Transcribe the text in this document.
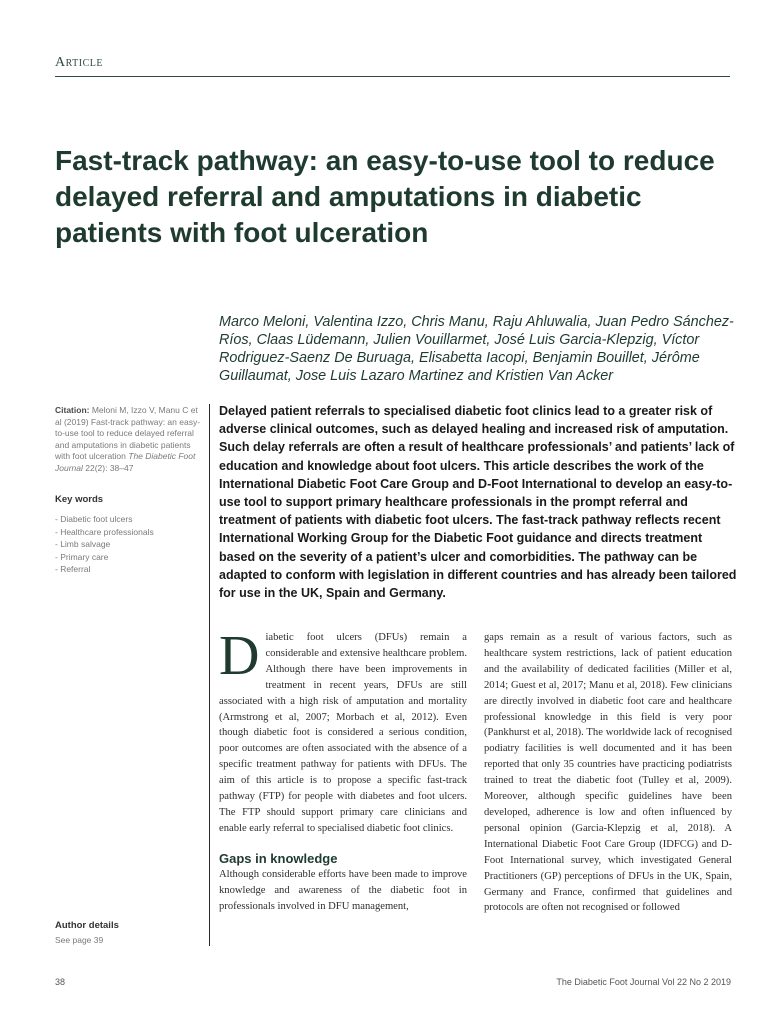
Article
Fast-track pathway: an easy-to-use tool to reduce delayed referral and amputations in diabetic patients with foot ulceration
Marco Meloni, Valentina Izzo, Chris Manu, Raju Ahluwalia, Juan Pedro Sánchez-Ríos, Claas Lüdemann, Julien Vouillarmet, José Luis Garcia-Klepzig, Víctor Rodriguez-Saenz De Buruaga, Elisabetta Iacopi, Benjamin Bouillet, Jérôme Guillaumat, Jose Luis Lazaro Martinez and Kristien Van Acker
Citation: Meloni M, Izzo V, Manu C et al (2019) Fast-track pathway: an easy-to-use tool to reduce delayed referral and amputations in diabetic patients with foot ulceration The Diabetic Foot Journal 22(2): 38–47
Key words
- Diabetic foot ulcers
- Healthcare professionals
- Limb salvage
- Primary care
- Referral
Author details
See page 39
Delayed patient referrals to specialised diabetic foot clinics lead to a greater risk of adverse clinical outcomes, such as delayed healing and increased risk of amputation. Such delay referrals are often a result of healthcare professionals’ and patients’ lack of education and knowledge about foot ulcers. This article describes the work of the International Diabetic Foot Care Group and D-Foot International to develop an easy-to-use tool to support primary healthcare professionals in the prompt referral and treatment of patients with diabetic foot ulcers. The fast-track pathway reflects recent International Working Group for the Diabetic Foot guidance and directs treatment based on the severity of a patient’s ulcer and comorbidities. The pathway can be adapted to conform with legislation in different countries and has already been tailored for use in the UK, Spain and Germany.

Diabetic foot ulcers (DFUs) remain a considerable and extensive healthcare problem. Although there have been improvements in treatment in recent years, DFUs are still associated with a high risk of amputation and mortality (Armstrong et al, 2007; Morbach et al, 2012). Even though diabetic foot is considered a serious condition, poor outcomes are often associated with the absence of a specific treatment pathway for patients with DFUs. The aim of this article is to propose a specific fast-track pathway (FTP) for people with diabetes and foot ulcers. The FTP should support primary care clinicians and enable early referral to specialised diabetic foot clinics.

Gaps in knowledge

Although considerable efforts have been made to improve knowledge and awareness of the diabetic foot in professionals involved in DFU management,

gaps remain as a result of various factors, such as healthcare system restrictions, lack of patient education and the availability of dedicated facilities (Miller et al, 2014; Guest et al, 2017; Manu et al, 2018). Few clinicians are directly involved in diabetic foot care and healthcare professional knowledge in this field is very poor (Pankhurst et al, 2018). The worldwide lack of recognised podiatry facilities is well documented and it has been reported that only 35 countries have practicing podiatrists trained to treat the diabetic foot (Tulley et al, 2009). Moreover, although specific guidelines have been developed, adherence is low and often influenced by personal opinion (Garcia-Klepzig et al, 2018). A International Diabetic Foot Care Group (IDFCG) and D-Foot International survey, which investigated General Practitioners (GP) perceptions of DFUs in the UK, Spain, Germany and France, confirmed that guidelines and protocols are often not recognised or followed

38	The Diabetic Foot Journal Vol 22 No 2 2019
